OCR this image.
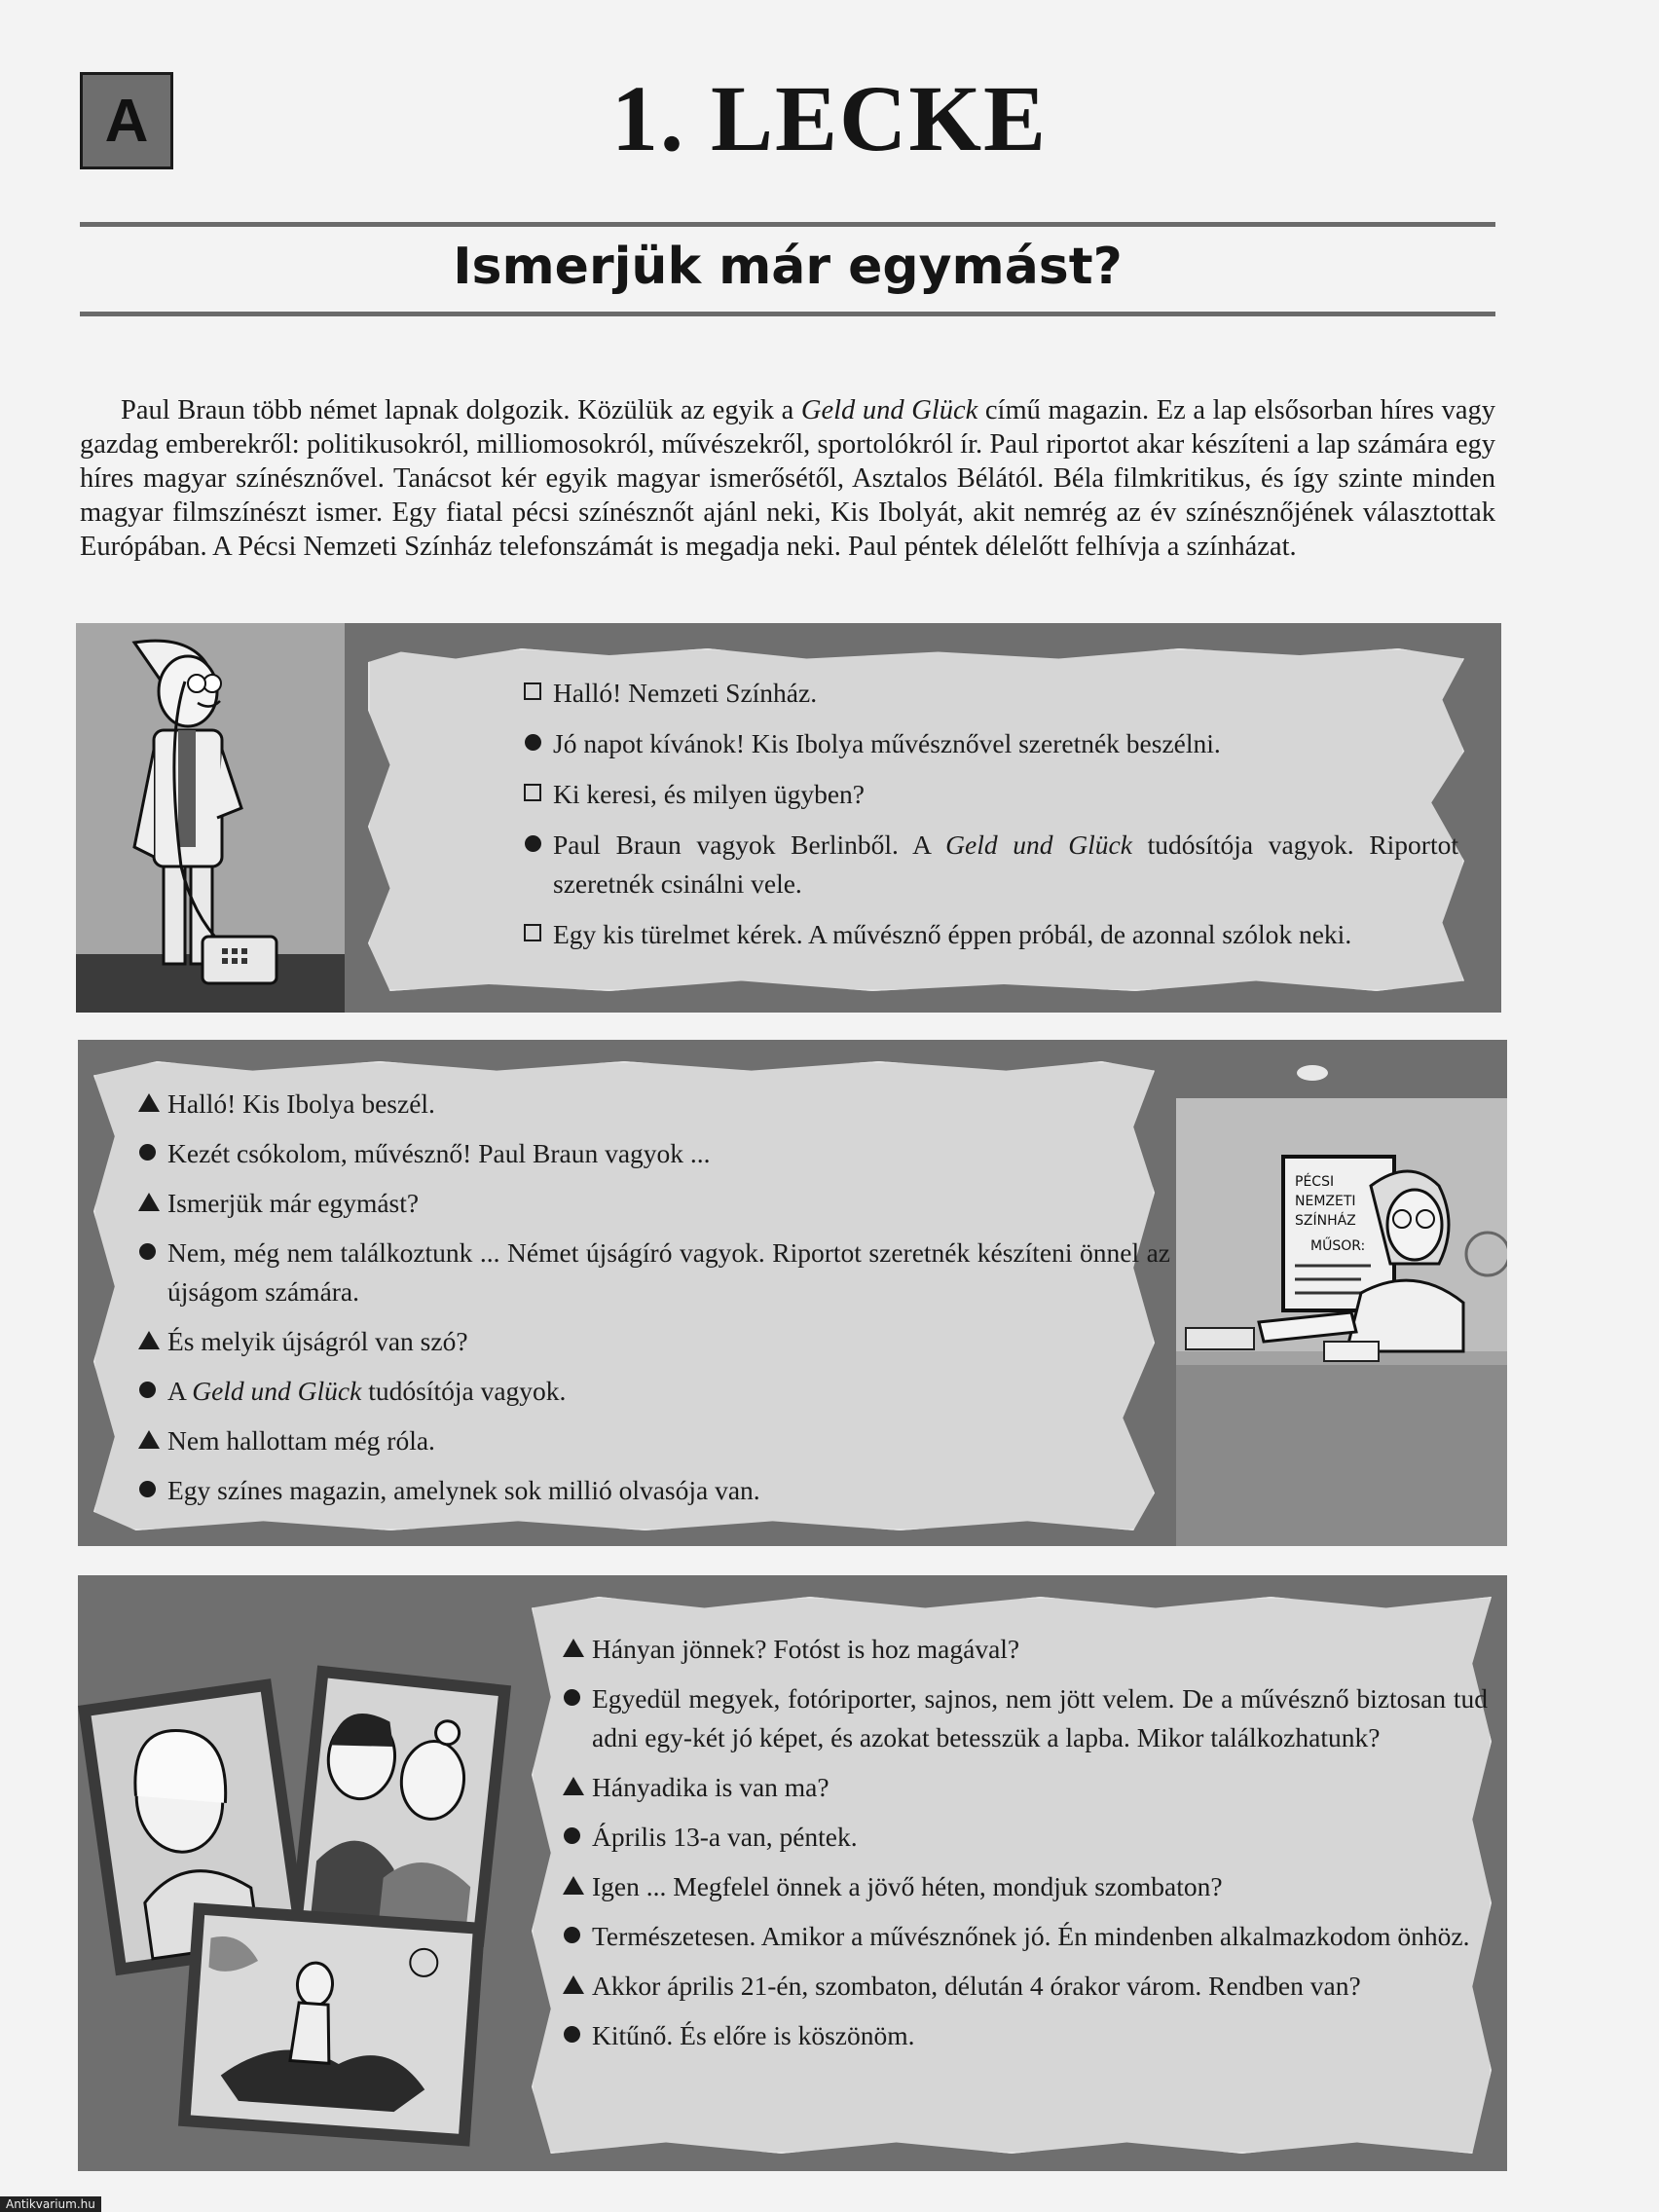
A	1. LECKE
Ismerjük már egymást?

Paul Braun több német lapnak dolgozik. Közülük az egyik a Geld und Glück című magazin. Ez a lap elsősorban híres vagy gazdag emberekről: politikusokról, milliomosokról, művészekről, sportolókról ír. Paul riportot akar készíteni a lap számára egy híres magyar színésznővel. Tanácsot kér egyik magyar ismerősétől, Asztalos Bélától. Béla filmkritikus, és így szinte minden magyar filmszínészt ismer. Egy fiatal pécsi színésznőt ajánl neki, Kis Ibolyát, akit nemrég az év színésznőjének választottak Európában. A Pécsi Nemzeti Színház telefonszámát is megadja neki. Paul péntek délelőtt felhívja a színházat.

Halló! Nemzeti Színház.
Jó napot kívánok! Kis Ibolya művésznővel szeretnék beszélni.
Ki keresi, és milyen ügyben?
Paul Braun vagyok Berlinből. A Geld und Glück tudósítója vagyok. Riportot szeretnék csinálni vele.
Egy kis türelmet kérek. A művésznő éppen próbál, de azonnal szólok neki.
Halló! Kis Ibolya beszél.
Kezét csókolom, művésznő! Paul Braun vagyok ...
Ismerjük már egymást?
Nem, még nem találkoztunk ... Német újságíró vagyok. Riportot szeretnék készíteni önnel az újságom számára.
És melyik újságról van szó?
A Geld und Glück tudósítója vagyok.
Nem hallottam még róla.
Egy színes magazin, amelynek sok millió olvasója van.
PÉCSI
NEMZETI
SZÍNHÁZ
MŰSOR:
Hányan jönnek? Fotóst is hoz magával?
Egyedül megyek, fotóriporter, sajnos, nem jött velem. De a művésznő biztosan tud adni egy-két jó képet, és azokat betesszük a lapba. Mikor találkozhatunk?
Hányadika is van ma?
Április 13-a van, péntek.
Igen ... Megfelel önnek a jövő héten, mondjuk szombaton?
Természetesen. Amikor a művésznőnek jó. Én mindenben alkalmazkodom önhöz.
Akkor április 21-én, szombaton, délután 4 órakor várom. Rendben van?
Kitűnő. És előre is köszönöm.
Antikvarium.hu
